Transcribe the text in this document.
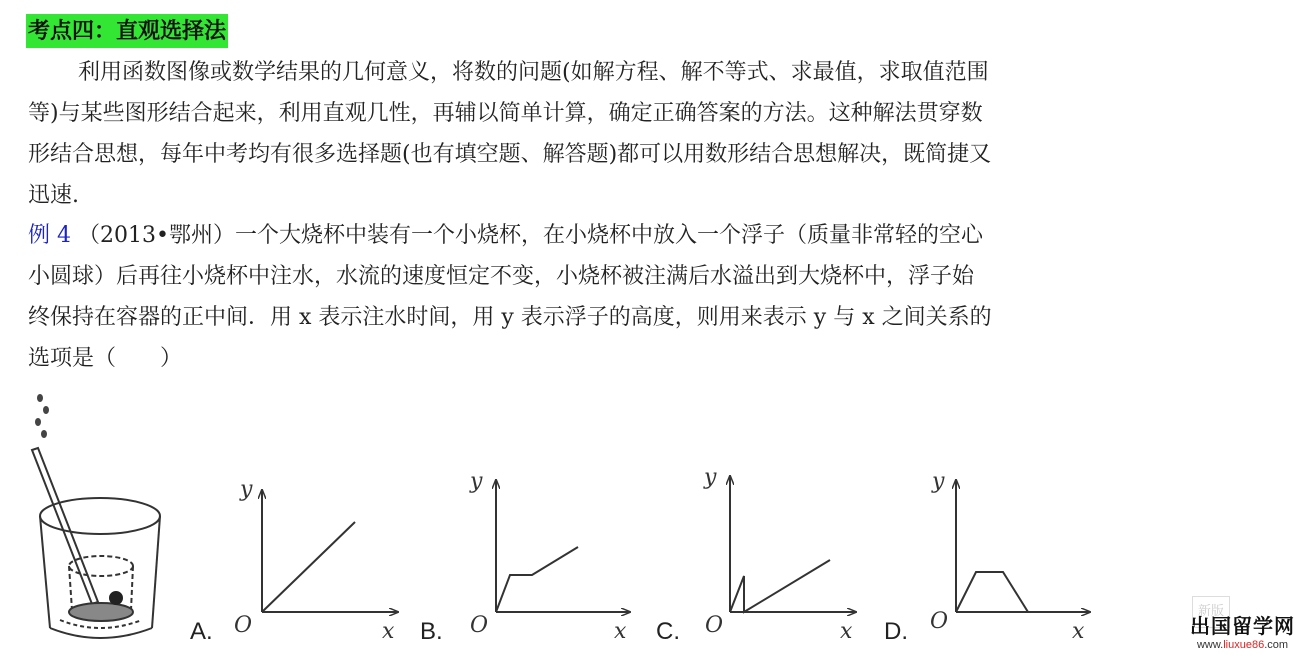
考点四：直观选择法
利用函数图像或数学结果的几何意义，将数的问题(如解方程、解不等式、求最值，求取值范围
等)与某些图形结合起来，利用直观几性，再辅以简单计算，确定正确答案的方法。这种解法贯穿数
形结合思想，每年中考均有很多选择题(也有填空题、解答题)都可以用数形结合思想解决，既简捷又
迅速.
例 4 （2013•鄂州）一个大烧杯中装有一个小烧杯，在小烧杯中放入一个浮子（质量非常轻的空心
小圆球）后再往小烧杯中注水，水流的速度恒定不变，小烧杯被注满后水溢出到大烧杯中，浮子始
终保持在容器的正中间．用 x 表示注水时间，用 y 表示浮子的高度，则用来表示 y 与 x 之间关系的
选项是（　　）
y
x
O
y
x
O
y
x
O
y
x
O
A.	B.	C.	D.
新版
出国留学网
www.liuxue86.com
